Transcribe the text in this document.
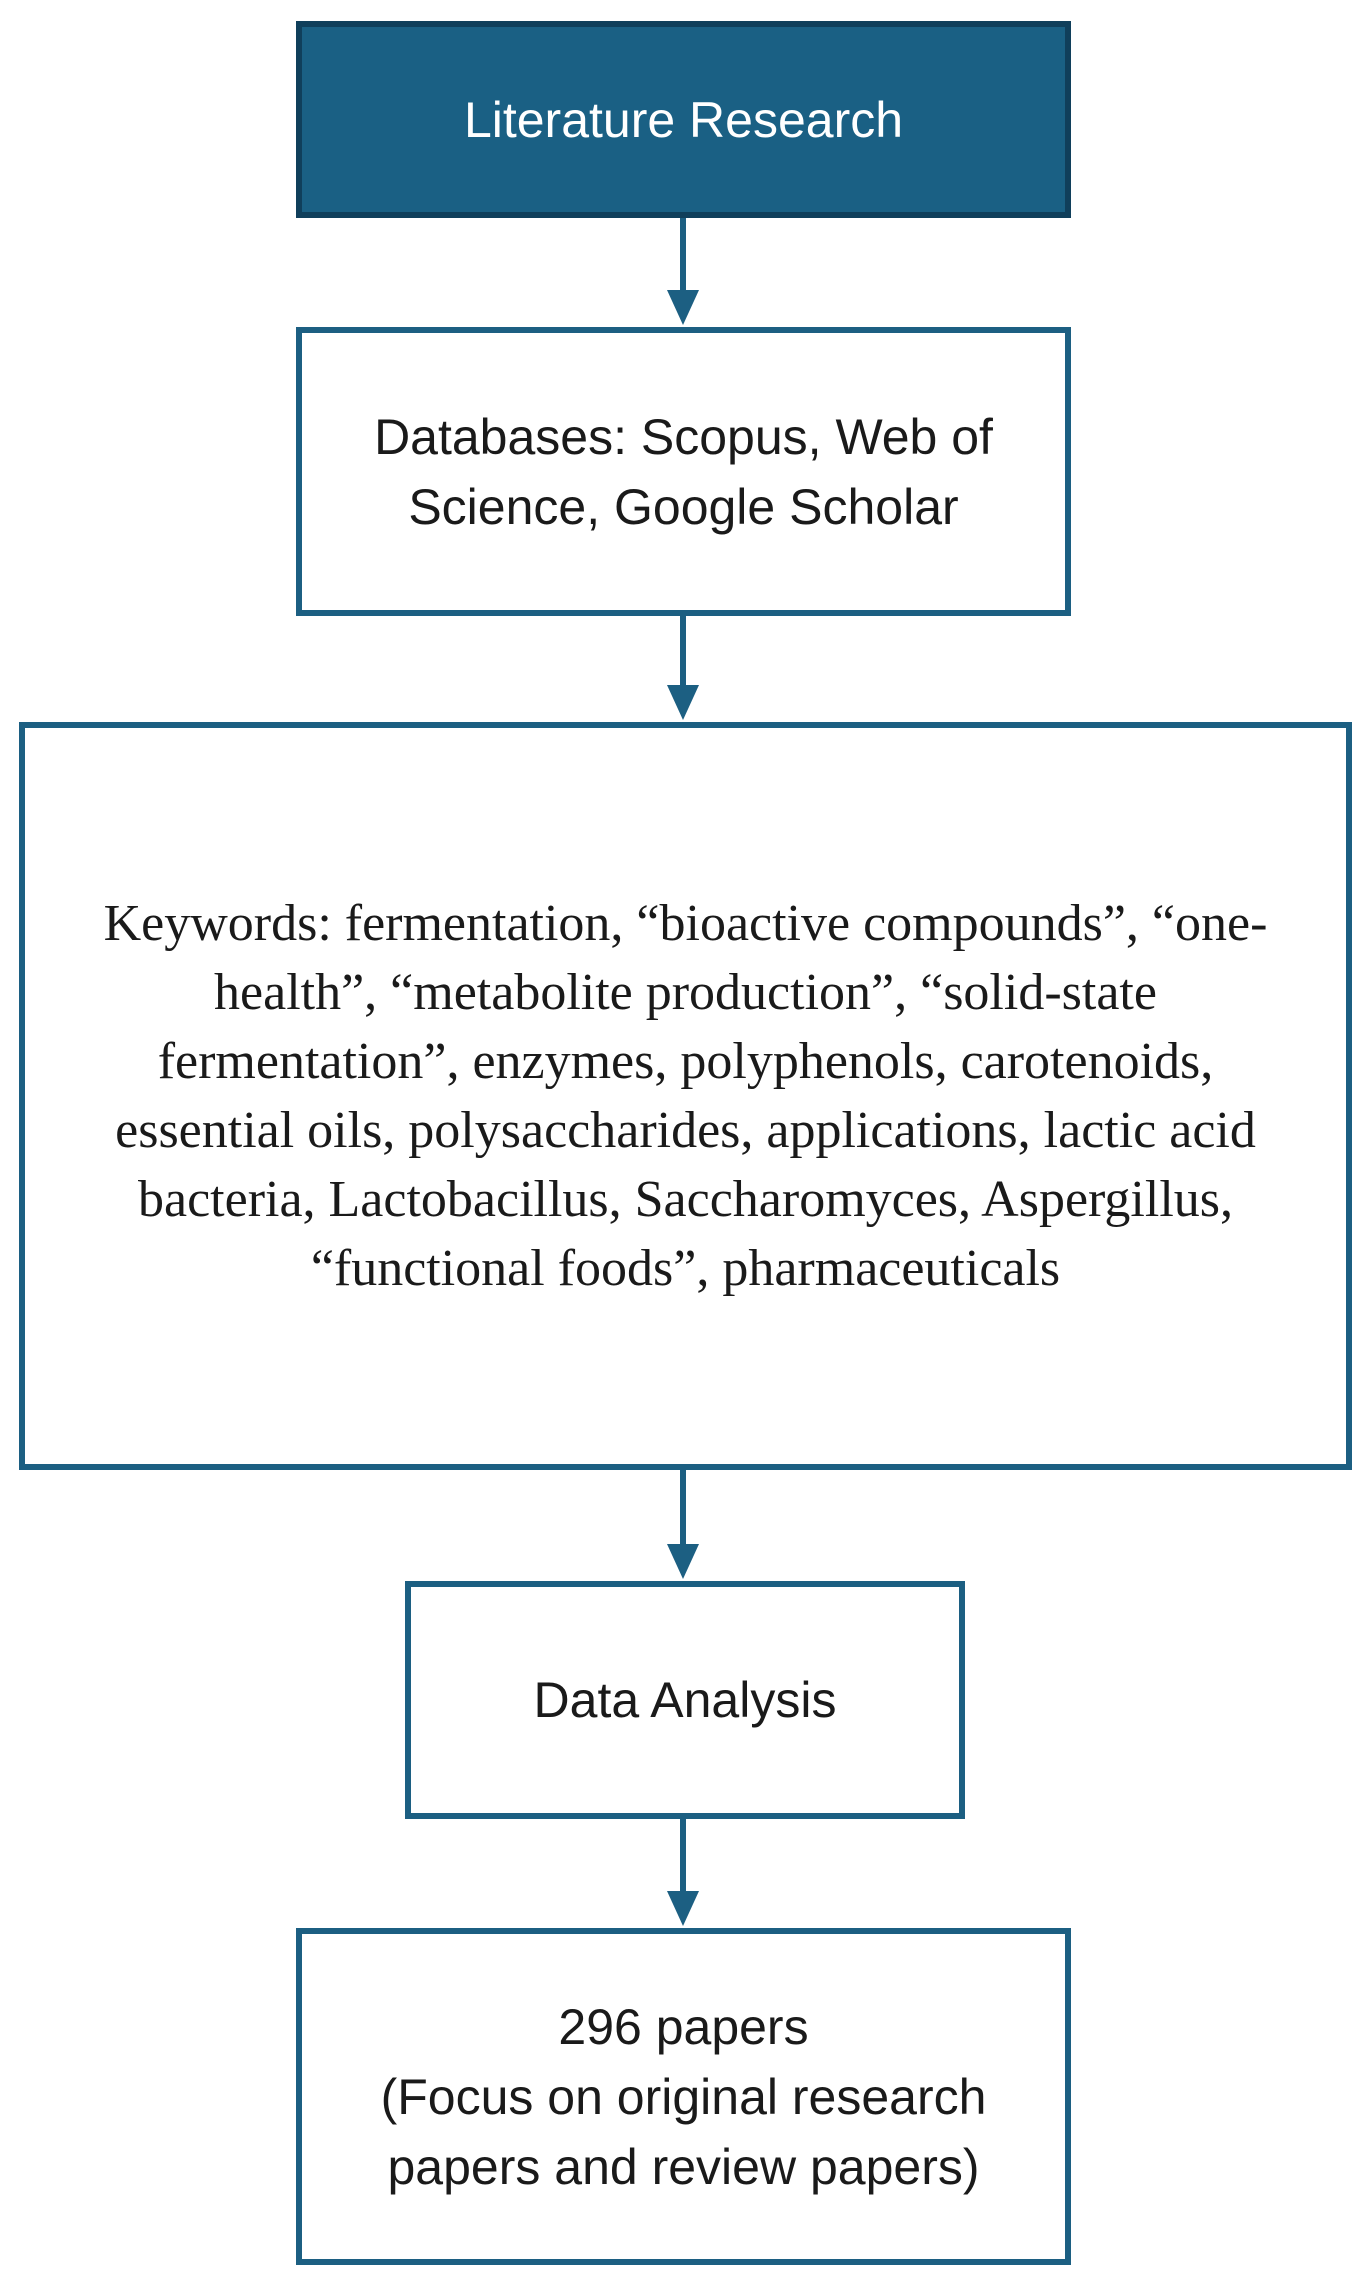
Literature Research
Databases: Scopus, Web of Science, Google Scholar
Keywords: fermentation, “bioactive compounds”, “one-health”, “metabolite production”, “solid-state fermentation”, enzymes, polyphenols, carotenoids, essential oils, polysaccharides, applications, lactic acid bacteria, Lactobacillus, Saccharomyces, Aspergillus, “functional foods”, pharmaceuticals
Data Analysis
296 papers
(Focus on original research papers and review papers)
